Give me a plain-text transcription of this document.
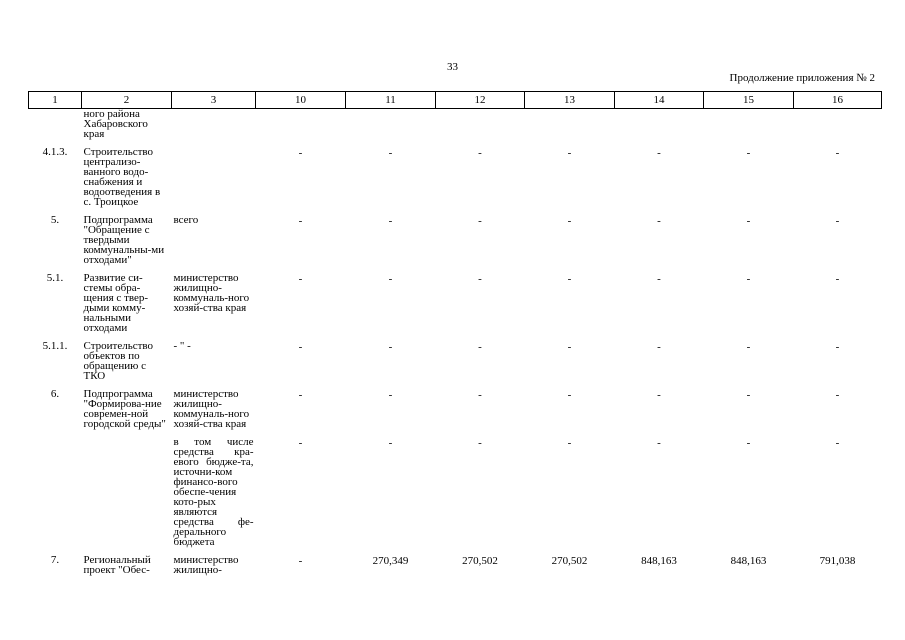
33
Продолжение приложения № 2
1	2	3	10	11	12	13	14	15	16
	ного района Хабаровского края								
4.1.3.	Строительство централизо-ванного водо-снабжения и водоотведения в с. Троицкое		-	-	-	-	-	-	-
5.	Подпрограмма "Обращение с твердыми коммунальны-ми отходами"	всего	-	-	-	-	-	-	-
5.1.	Развитие си-стемы обра-щения с твер-дыми комму-нальными отходами	министерство жилищно-коммуналь-ного хозяй-ства края	-	-	-	-	-	-	-
5.1.1.	Строительство объектов по обращению с ТКО	- " -	-	-	-	-	-	-	-
6.	Подпрограмма "Формирова-ние современ-ной городской среды"	министерство жилищно-коммуналь-ного хозяй-ства края	-	-	-	-	-	-	-
		в том числе средства кра-евого бюдже-та, источни-ком финансо-вого обеспе-чения кото-рых являются средства фе-дерального бюджета	-	-	-	-	-	-	-
7.	Региональный проект "Обес-	министерство жилищно-	-	270,349	270,502	270,502	848,163	848,163	791,038
